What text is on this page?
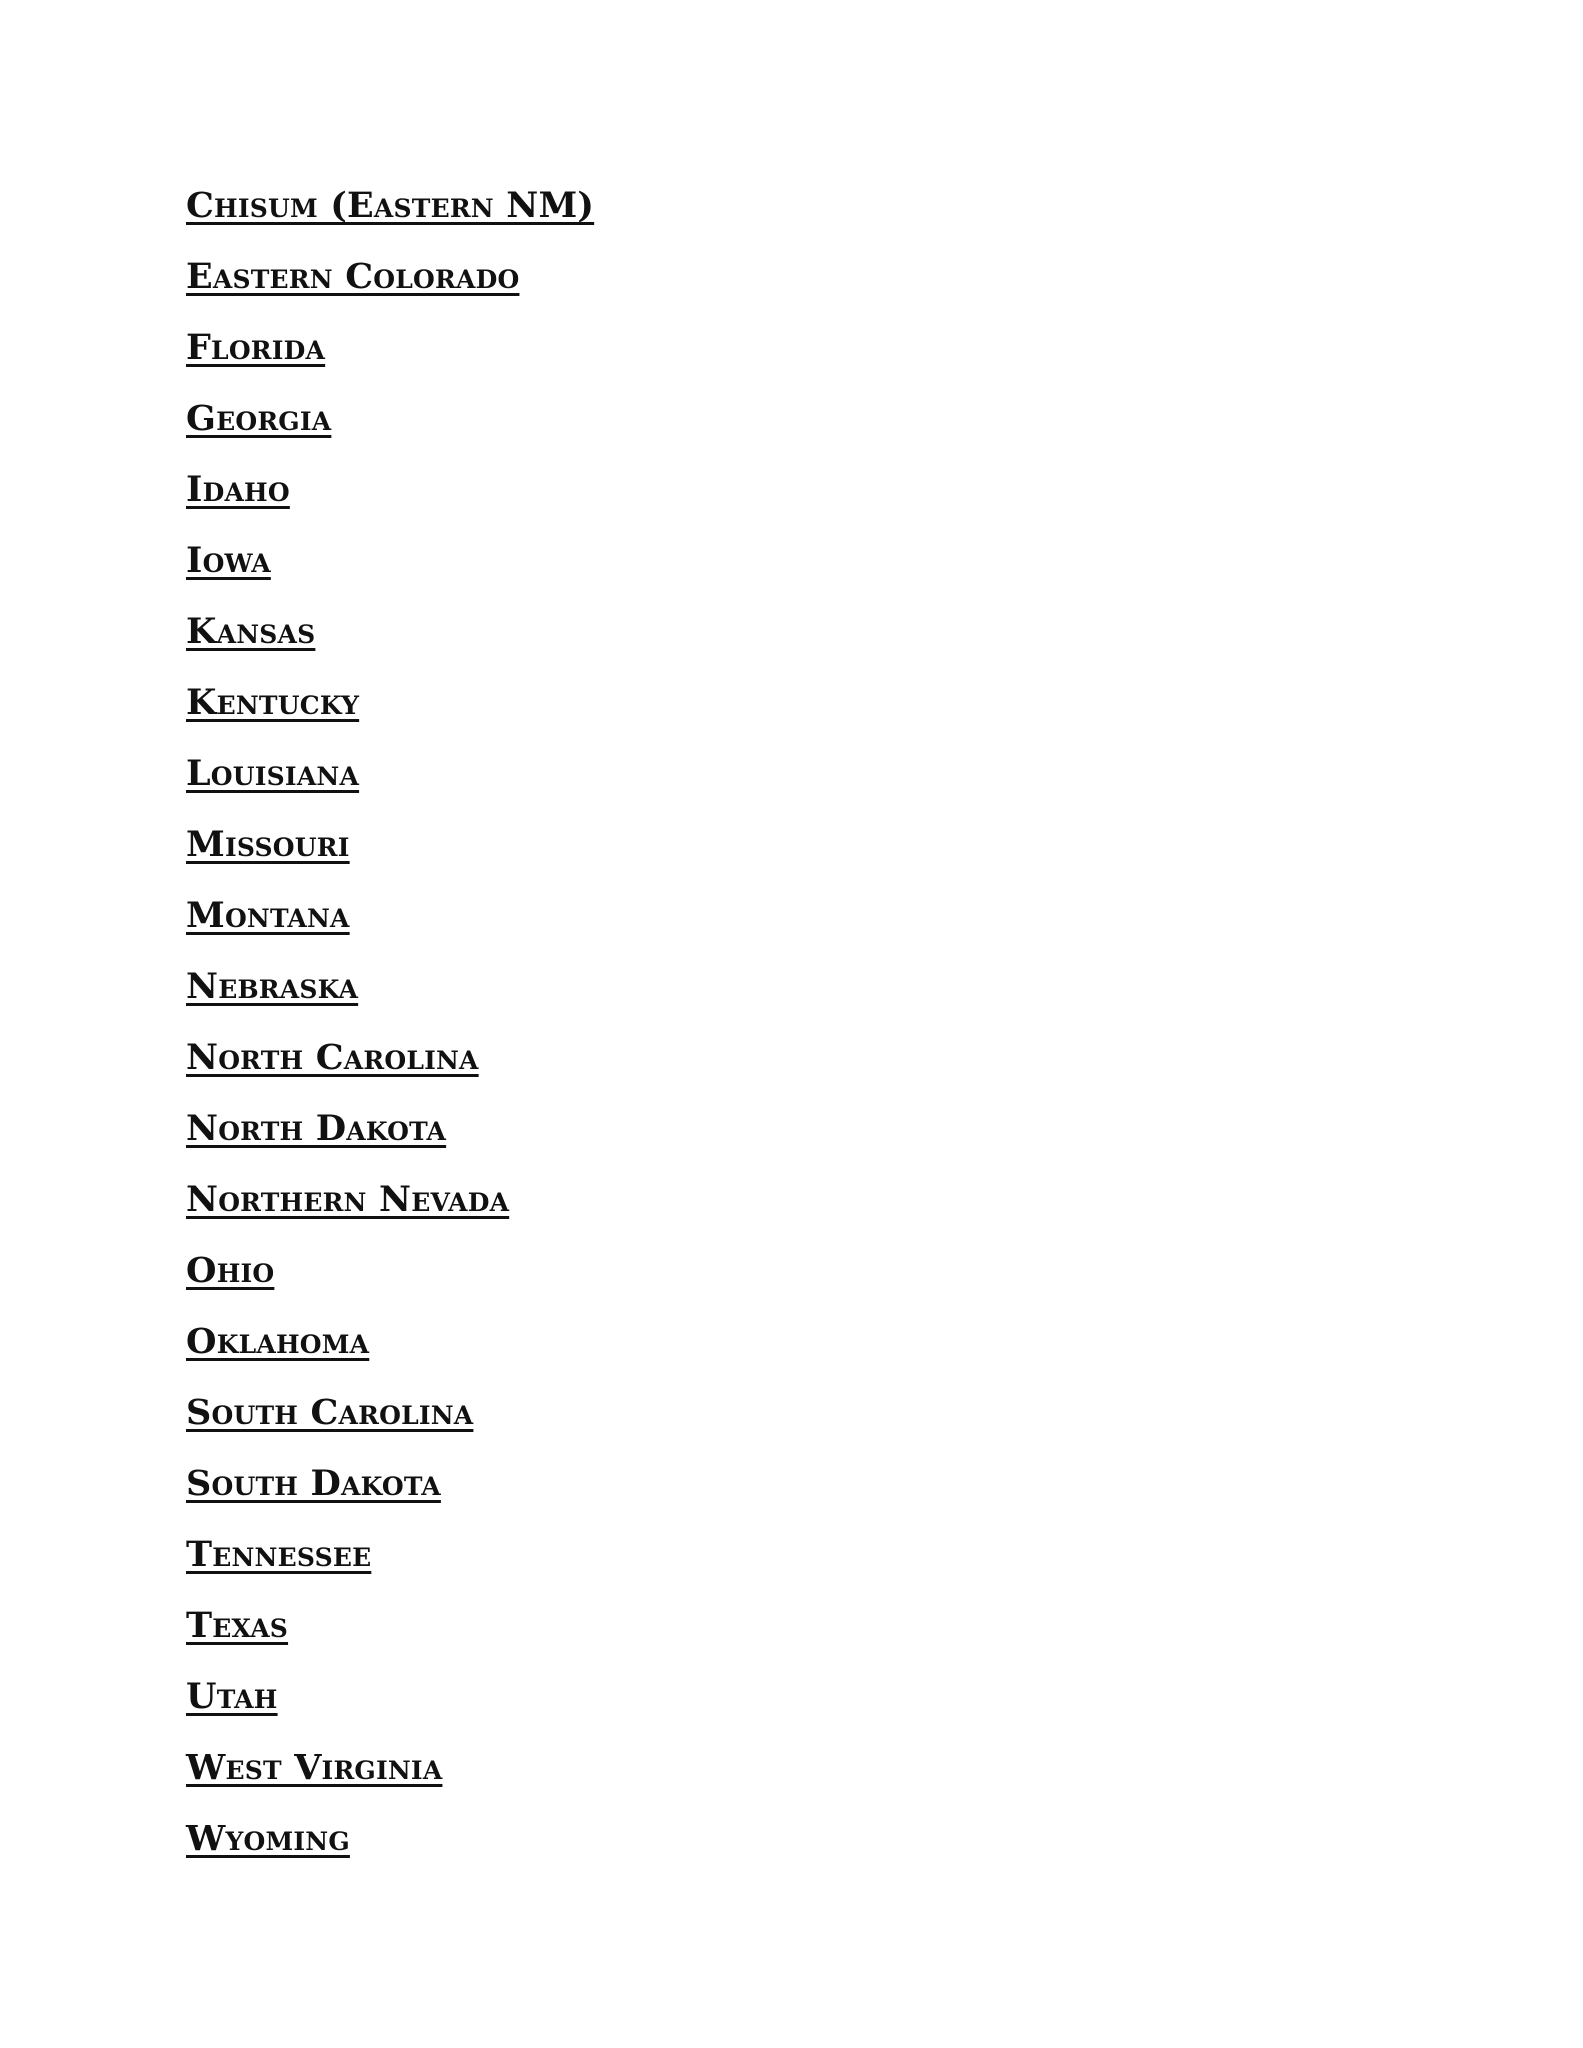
Chisum (Eastern NM)
Eastern Colorado
Florida
Georgia
Idaho
Iowa
Kansas
Kentucky
Louisiana
Missouri
Montana
Nebraska
North Carolina
North Dakota
Northern Nevada
Ohio
Oklahoma
South Carolina
South Dakota
Tennessee
Texas
Utah
West Virginia
Wyoming
